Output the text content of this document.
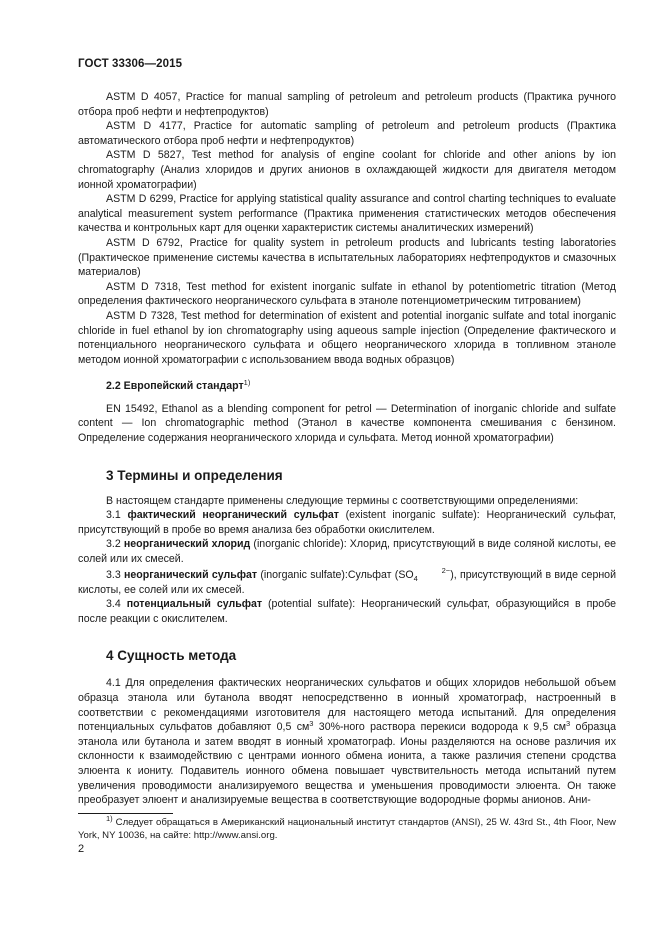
ГОСТ 33306—2015

ASTM D 4057, Practice for manual sampling of petroleum and petroleum products (Практика ручного отбора проб нефти и нефтепродуктов)

ASTM D 4177, Practice for automatic sampling of petroleum and petroleum products (Практика автоматического отбора проб нефти и нефтепродуктов)

ASTM D 5827, Test method for analysis of engine coolant for chloride and other anions by ion chromatography (Анализ хлоридов и других анионов в охлаждающей жидкости для двигателя методом ионной хроматографии)

ASTM D 6299, Practice for applying statistical quality assurance and control charting techniques to evaluate analytical measurement system performance (Практика применения статистических методов обеспечения качества и контрольных карт для оценки характеристик системы аналитических измерений)

ASTM D 6792, Practice for quality system in petroleum products and lubricants testing laboratories (Практическое применение системы качества в испытательных лабораториях нефтепродуктов и смазочных материалов)

ASTM D 7318, Test method for existent inorganic sulfate in ethanol by potentiometric titration (Метод определения фактического неорганического сульфата в этаноле потенциометрическим титрованием)

ASTM D 7328, Test method for determination of existent and potential inorganic sulfate and total inorganic chloride in fuel ethanol by ion chromatography using aqueous sample injection (Определение фактического и потенциального неорганического сульфата и общего неорганического хлорида в топливном этаноле методом ионной хроматографии с использованием ввода водных образцов)

2.2 Европейский стандарт$^{1)}$

EN 15492, Ethanol as a blending component for petrol — Determination of inorganic chloride and sulfate content — Ion chromatographic method (Этанол в качестве компонента смешивания с бензином. Определение содержания неорганического хлорида и сульфата. Метод ионной хроматографии)

3 Термины и определения

В настоящем стандарте применены следующие термины с соответствующими определениями:

3.1 фактический неорганический сульфат (existent inorganic sulfate): Неорганический сульфат, присутствующий в пробе во время анализа без обработки окислителем.

3.2 неорганический хлорид (inorganic chloride): Хлорид, присутствующий в виде соляной кислоты, ее солей или их смесей.

3.3 неорганический сульфат (inorganic sulfate):Сульфат (SO	2−
4	), присутствующий в виде серной кислоты, ее солей или их смесей.

3.4 потенциальный сульфат (potential sulfate): Неорганический сульфат, образующийся в пробе после реакции с окислителем.

4 Сущность метода

4.1 Для определения фактических неорганических сульфатов и общих хлоридов небольшой объем образца этанола или бутанола вводят непосредственно в ионный хроматограф, настроенный в соответствии с рекомендациями изготовителя для настоящего метода испытаний. Для определения потенциальных сульфатов добавляют 0,5 $см^3$ 30%-ного раствора перекиси водорода к 9,5 $см^3$ образца этанола или бутанола и затем вводят в ионный хроматограф. Ионы разделяются на основе различия их склонности к взаимодействию с центрами ионного обмена ионита, а также различия степени сродства элюента к иониту. Подавитель ионного обмена повышает чувствительность метода испытаний путем увеличения проводимости анализируемого вещества и уменьшения проводимости элюента. Он также преобразует элюент и анализируемые вещества в соответствующие водородные формы анионов. Ани-

$^{1)}$ Следует обращаться в Американский национальный институт стандартов (ANSI), 25 W. 43rd St., 4th Floor, New York, NY 10036, на сайте: http://www.ansi.org.

2
